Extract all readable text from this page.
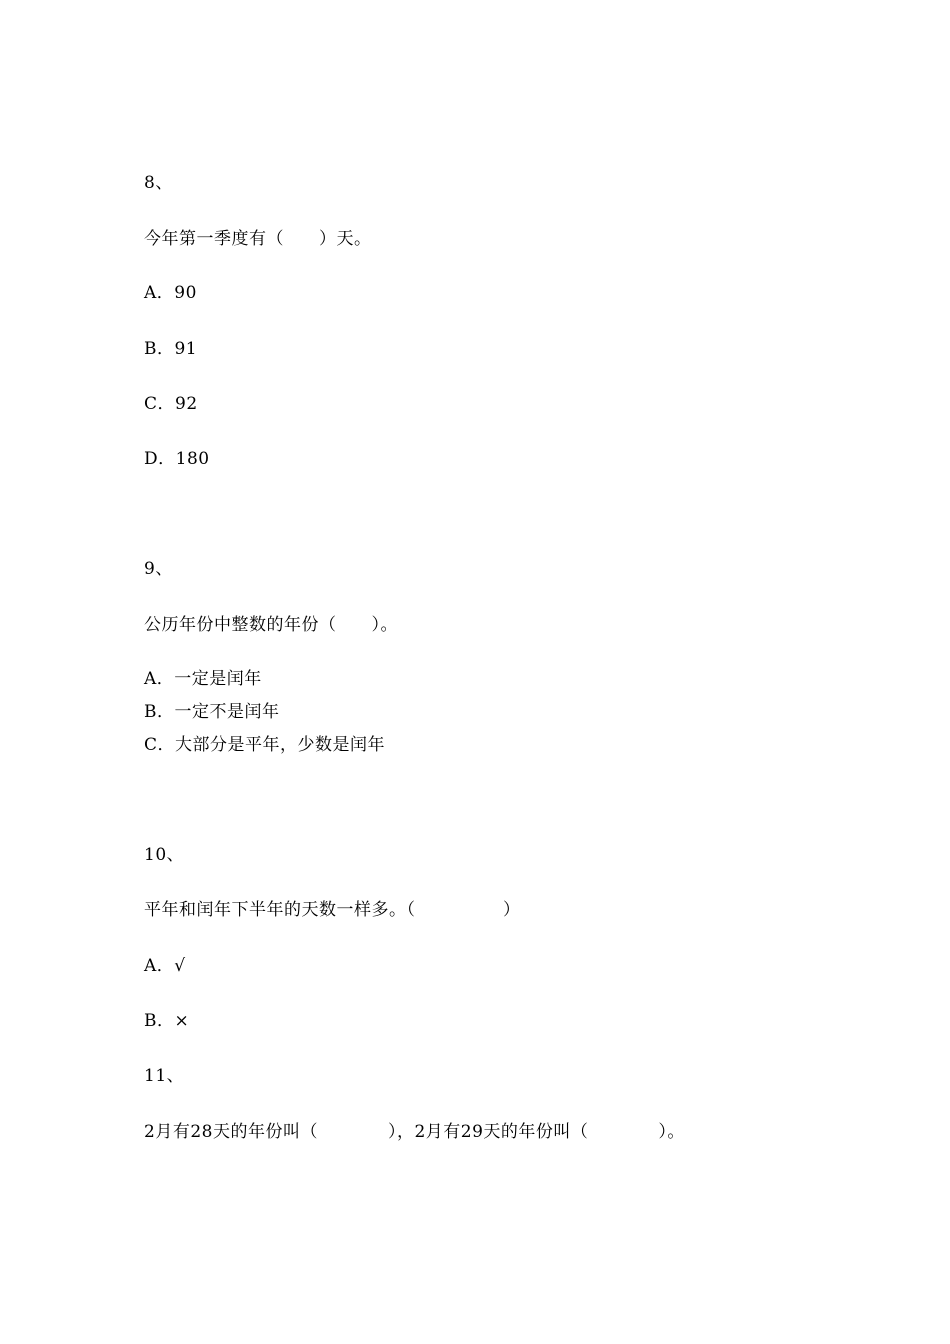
8、
今年第一季度有（　　）天。
A．90
B．91
C．92
D．180
9、
公历年份中整数的年份（　　）。
A．一定是闰年
B．一定不是闰年
C．大部分是平年，少数是闰年
10、
平年和闰年下半年的天数一样多。（　　　　　）
A．√
B．×
11、
2月有28天的年份叫（　　　　），2月有29天的年份叫（　　　　）。
